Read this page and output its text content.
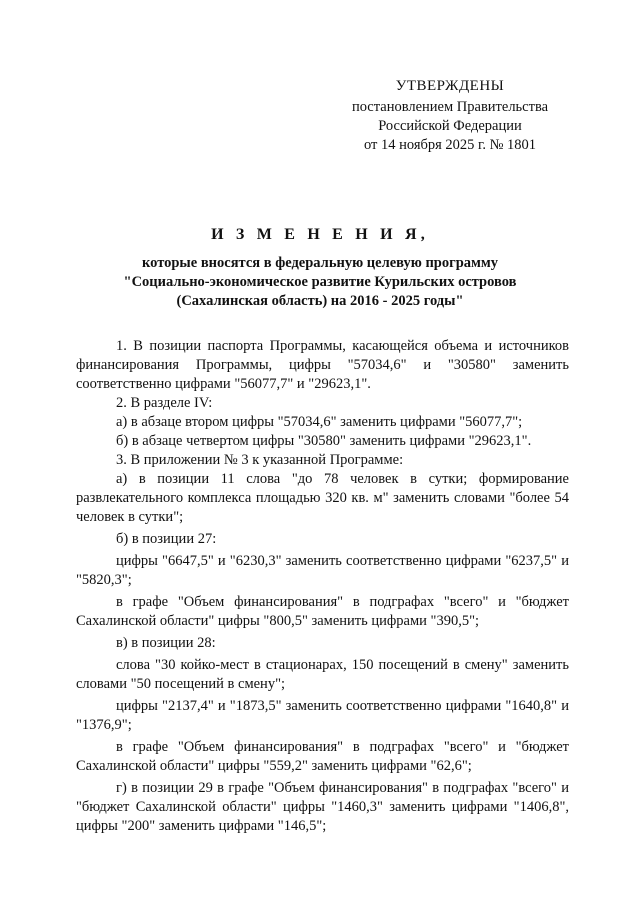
УТВЕРЖДЕНЫ
постановлением Правительства
Российской Федерации
от 14 ноября 2025 г. № 1801
И З М Е Н Е Н И Я,
которые вносятся в федеральную целевую программу
"Социально-экономическое развитие Курильских островов
(Сахалинская область) на 2016 - 2025 годы"

1. В позиции паспорта Программы, касающейся объема и источников финансирования Программы, цифры "57034,6" и "30580" заменить соответственно цифрами "56077,7" и "29623,1".

2. В разделе IV:

а) в абзаце втором цифры "57034,6" заменить цифрами "56077,7";

б) в абзаце четвертом цифры "30580" заменить цифрами "29623,1".

3. В приложении № 3 к указанной Программе:

а) в позиции 11 слова "до 78 человек в сутки; формирование развлекательного комплекса площадью 320 кв. м" заменить словами "более 54 человек в сутки";

б) в позиции 27:

цифры "6647,5" и "6230,3" заменить соответственно цифрами "6237,5" и "5820,3";

в графе "Объем финансирования" в подграфах "всего" и "бюджет Сахалинской области" цифры "800,5" заменить цифрами "390,5";

в) в позиции 28:

слова "30 койко-мест в стационарах, 150 посещений в смену" заменить словами "50 посещений в смену";

цифры "2137,4" и "1873,5" заменить соответственно цифрами "1640,8" и "1376,9";

в графе "Объем финансирования" в подграфах "всего" и "бюджет Сахалинской области" цифры "559,2" заменить цифрами "62,6";

г) в позиции 29 в графе "Объем финансирования" в подграфах "всего" и "бюджет Сахалинской области" цифры "1460,3" заменить цифрами "1406,8", цифры "200" заменить цифрами "146,5";
